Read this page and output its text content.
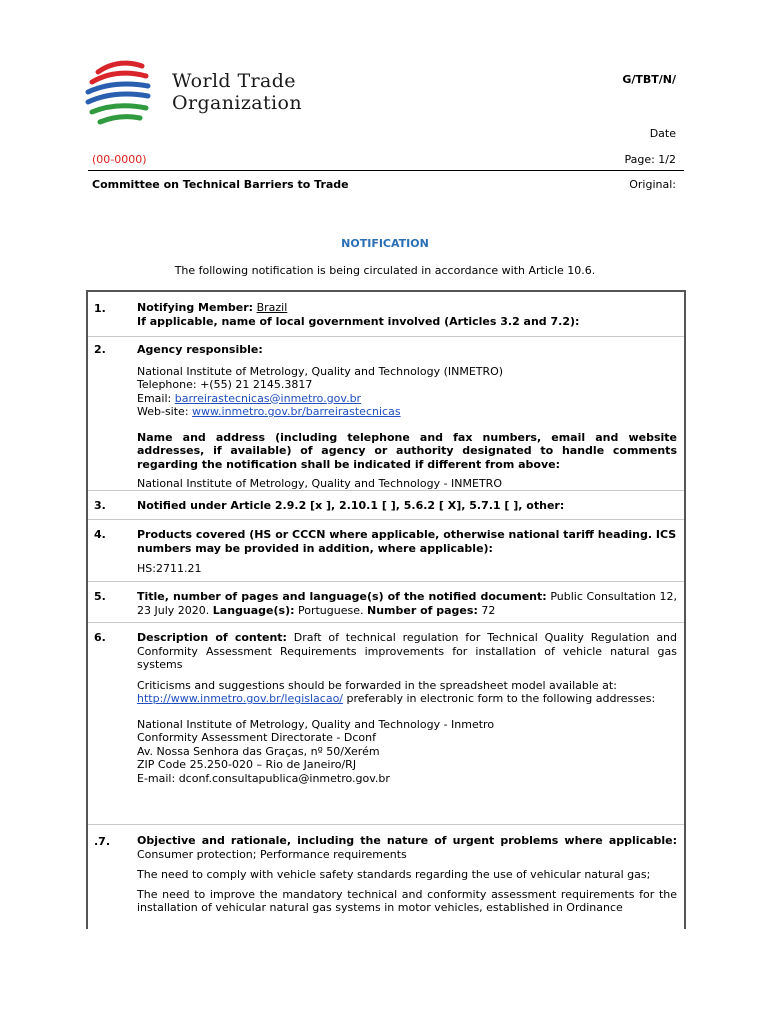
World Trade
Organization
G/TBT/N/
Date
(00-0000)	Page: 1/2
Committee on Technical Barriers to Trade	Original:
NOTIFICATION
The following notification is being circulated in accordance with Article 10.6.
1.	Notifying Member: Brazil

If applicable, name of local government involved (Articles 3.2 and 7.2):

2.	Agency responsible:

National Institute of Metrology, Quality and Technology (INMETRO)

Telephone: +(55) 21 2145.3817

Email: barreirastecnicas@inmetro.gov.br

Web-site: www.inmetro.gov.br/barreirastecnicas

Name and address (including telephone and fax numbers, email and website addresses, if available) of agency or authority designated to handle comments regarding the notification shall be indicated if different from above:

National Institute of Metrology, Quality and Technology - INMETRO

3.	Notified under Article 2.9.2 [x ], 2.10.1 [ ], 5.6.2 [ X], 5.7.1 [ ], other:
4.	Products covered (HS or CCCN where applicable, otherwise national tariff heading. ICS numbers may be provided in addition, where applicable):

HS:2711.21

5.	Title, number of pages and language(s) of the notified document: Public Consultation 12, 23 July 2020. Language(s): Portuguese. Number of pages: 72

6.	Description of content: Draft of technical regulation for Technical Quality Regulation and Conformity Assessment Requirements improvements for installation of vehicle natural gas systems

Criticisms and suggestions should be forwarded in the spreadsheet model available at:

http://www.inmetro.gov.br/legislacao/ preferably in electronic form to the following addresses:

National Institute of Metrology, Quality and Technology - Inmetro

Conformity Assessment Directorate - Dconf

Av. Nossa Senhora das Graças, nº 50/Xerém

ZIP Code 25.250-020 – Rio de Janeiro/RJ

E-mail: dconf.consultapublica@inmetro.gov.br

.7. Objective and rationale, including the nature of urgent problems where applicable: Consumer protection; Performance requirements

The need to comply with vehicle safety standards regarding the use of vehicular natural gas;

The need to improve the mandatory technical and conformity assessment requirements for the installation of vehicular natural gas systems in motor vehicles, established in Ordinance
